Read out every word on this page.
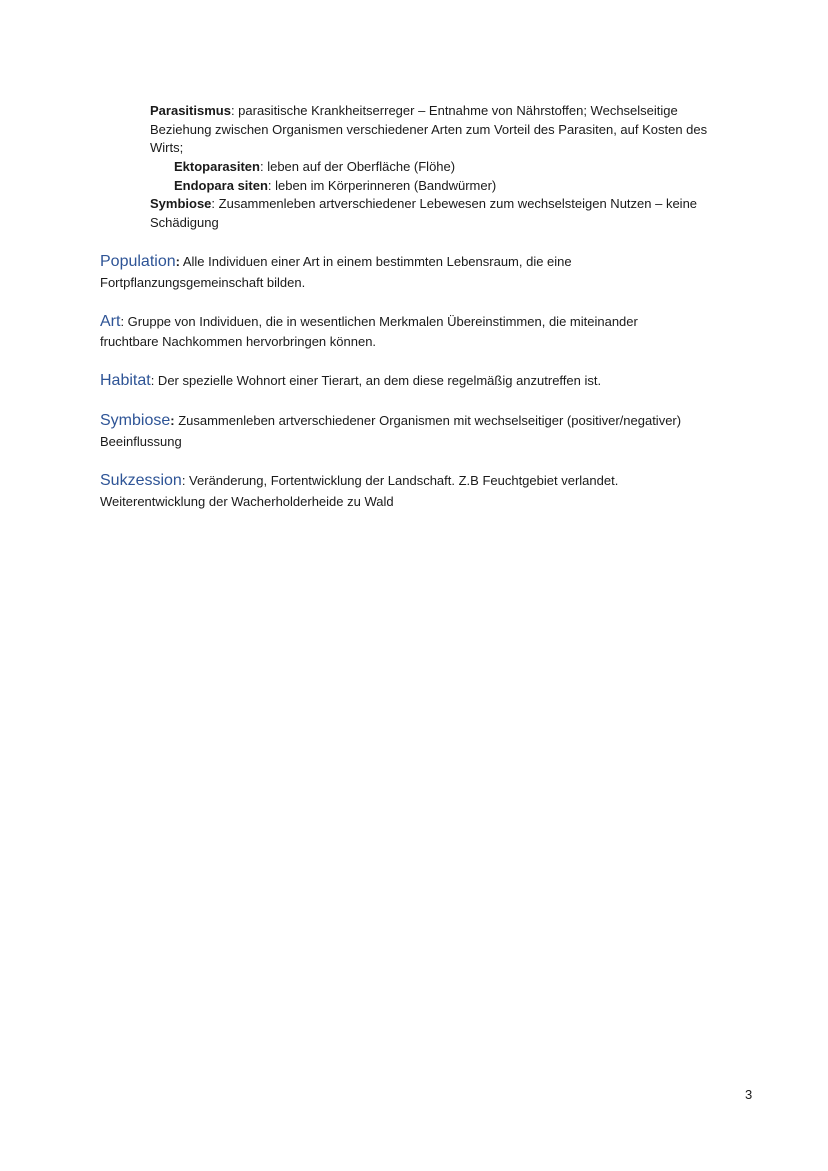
Parasitismus: parasitische Krankheitserreger – Entnahme von Nährstoffen; Wechselseitige
Beziehung zwischen Organismen verschiedener Arten zum Vorteil des Parasiten, auf Kosten des
Wirts;
Ektoparasiten: leben auf der Oberfläche (Flöhe)
Endopara siten: leben im Körperinneren (Bandwürmer)
Symbiose: Zusammenleben artverschiedener Lebewesen zum wechselsteigen Nutzen – keine
Schädigung
Population: Alle Individuen einer Art in einem bestimmten Lebensraum, die eine
Fortpflanzungsgemeinschaft bilden.
Art: Gruppe von Individuen, die in wesentlichen Merkmalen Übereinstimmen, die miteinander
fruchtbare Nachkommen hervorbringen können.
Habitat: Der spezielle Wohnort einer Tierart, an dem diese regelmäßig anzutreffen ist.
Symbiose: Zusammenleben artverschiedener Organismen mit wechselseitiger (positiver/negativer)
Beeinflussung
Sukzession: Veränderung, Fortentwicklung der Landschaft. Z.B Feuchtgebiet verlandet.
Weiterentwicklung der Wacherholderheide zu Wald
3
